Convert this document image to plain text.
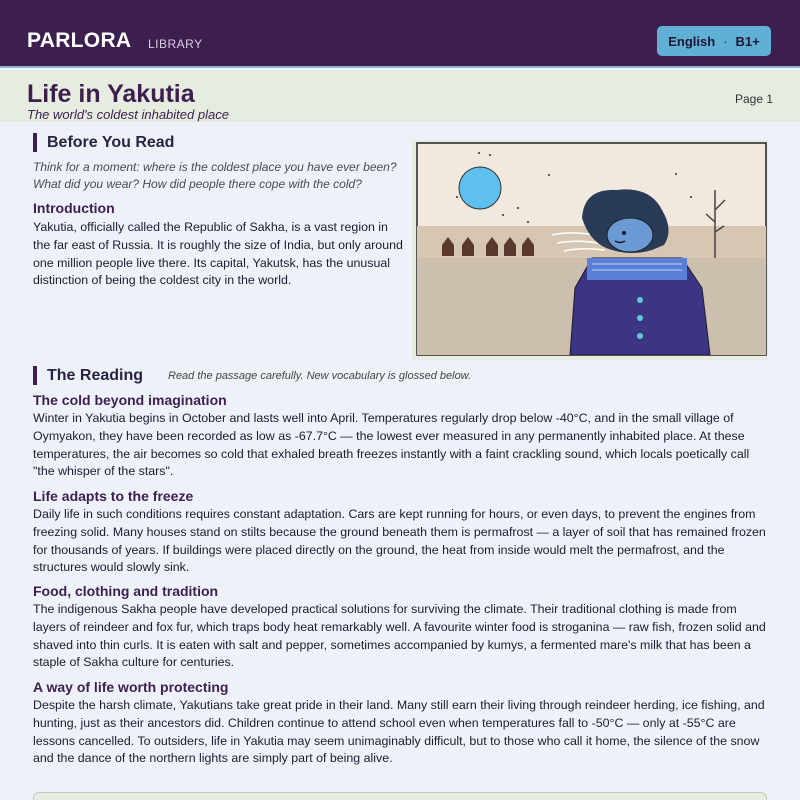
PARLORA LIBRARY	English · B1+
Life in Yakutia
The world's coldest inhabited place
Page 1
Before You Read

Think for a moment: where is the coldest place you have ever been? What did you wear? How did people there cope with the cold?

Introduction

Yakutia, officially called the Republic of Sakha, is a vast region in the far east of Russia. It is roughly the size of India, but only around one million people live there. Its capital, Yakutsk, has the unusual distinction of being the coldest city in the world.

The Reading Read the passage carefully. New vocabulary is glossed below.
The cold beyond imagination

Winter in Yakutia begins in October and lasts well into April. Temperatures regularly drop below -40°C, and in the small village of Oymyakon, they have been recorded as low as -67.7°C — the lowest ever measured in any permanently inhabited place. At these temperatures, the air becomes so cold that exhaled breath freezes instantly with a faint crackling sound, which locals poetically call "the whisper of the stars".

Life adapts to the freeze

Daily life in such conditions requires constant adaptation. Cars are kept running for hours, or even days, to prevent the engines from freezing solid. Many houses stand on stilts because the ground beneath them is permafrost — a layer of soil that has remained frozen for thousands of years. If buildings were placed directly on the ground, the heat from inside would melt the permafrost, and the structures would slowly sink.

Food, clothing and tradition

The indigenous Sakha people have developed practical solutions for surviving the climate. Their traditional clothing is made from layers of reindeer and fox fur, which traps body heat remarkably well. A favourite winter food is stroganina — raw fish, frozen solid and shaved into thin curls. It is eaten with salt and pepper, sometimes accompanied by kumys, a fermented mare's milk that has been a staple of Sakha culture for centuries.

A way of life worth protecting

Despite the harsh climate, Yakutians take great pride in their land. Many still earn their living through reindeer herding, ice fishing, and hunting, just as their ancestors did. Children continue to attend school even when temperatures fall to -50°C — only at -55°C are lessons cancelled. To outsiders, life in Yakutia may seem unimaginably difficult, but to those who call it home, the silence of the snow and the dance of the northern lights are simply part of being alive.
